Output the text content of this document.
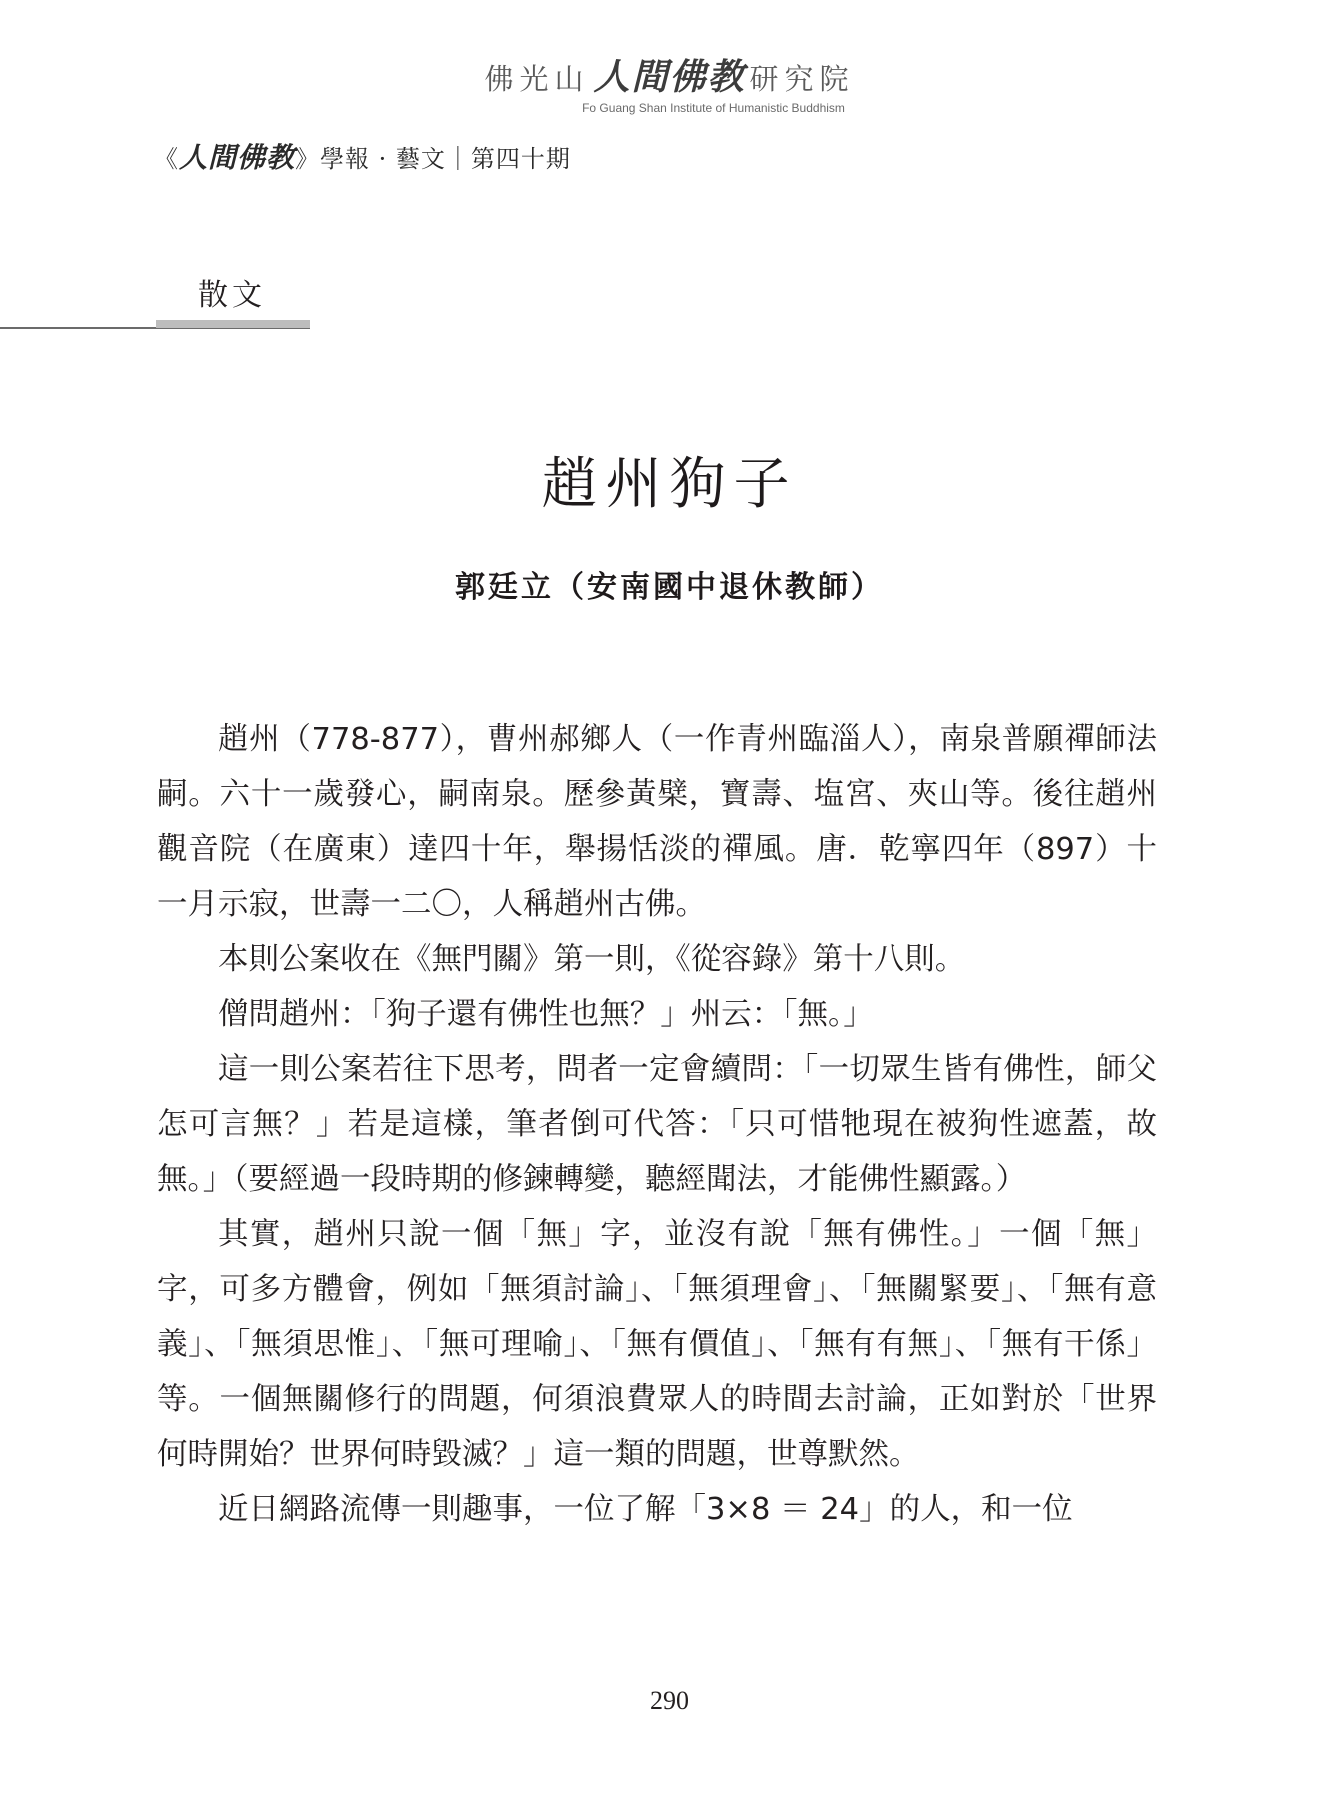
佛光山 人間佛教 研究院
Fo Guang Shan Institute of Humanistic Buddhism
《人間佛教》學報 · 藝文｜第四十期
散文
趙州狗子
郭廷立（安南國中退休教師）

趙州（778-877），曹州郝鄉人（一作青州臨淄人），南泉普願禪師法嗣。六十一歲發心，嗣南泉。歷參黃檗，寶壽、塩宮、夾山等。後往趙州觀音院（在廣東）達四十年，舉揚恬淡的禪風。唐．乾寧四年（897）十一月示寂，世壽一二〇，人稱趙州古佛。

本則公案收在《無門關》第一則，《從容錄》第十八則。

僧問趙州：「狗子還有佛性也無？」州云：「無。」

這一則公案若往下思考，問者一定會續問：「一切眾生皆有佛性，師父怎可言無？」若是這樣，筆者倒可代答：「只可惜牠現在被狗性遮蓋，故無。」（要經過一段時期的修鍊轉變，聽經聞法，才能佛性顯露。）

其實，趙州只說一個「無」字，並沒有說「無有佛性。」一個「無」字，可多方體會，例如「無須討論」、「無須理會」、「無關緊要」、「無有意義」、「無須思惟」、「無可理喻」、「無有價值」、「無有有無」、「無有干係」等。一個無關修行的問題，何須浪費眾人的時間去討論，正如對於「世界何時開始？世界何時毀滅？」這一類的問題，世尊默然。

近日網路流傳一則趣事，一位了解「3×8 ＝ 24」的人，和一位

290
